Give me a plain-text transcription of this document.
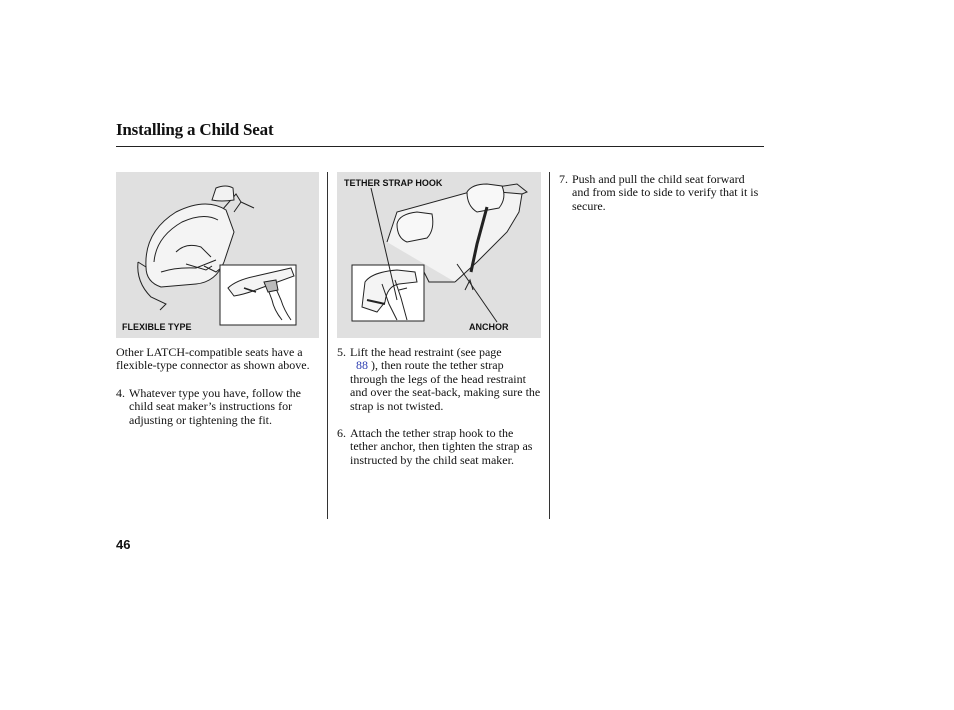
Installing a Child Seat
FLEXIBLE TYPE
TETHER STRAP HOOK
ANCHOR
Other LATCH-compatible seats have a flexible-type connector as shown above.
4. Whatever type you have, follow the child seat maker’s instructions for adjusting or tightening the fit.
5. Lift the head restraint (see page
88 ), then route the tether strap through the legs of the head restraint and over the seat-back, making sure the strap is not twisted.
6. Attach the tether strap hook to the tether anchor, then tighten the strap as instructed by the child seat maker.
7. Push and pull the child seat forward and from side to side to verify that it is secure.
46
